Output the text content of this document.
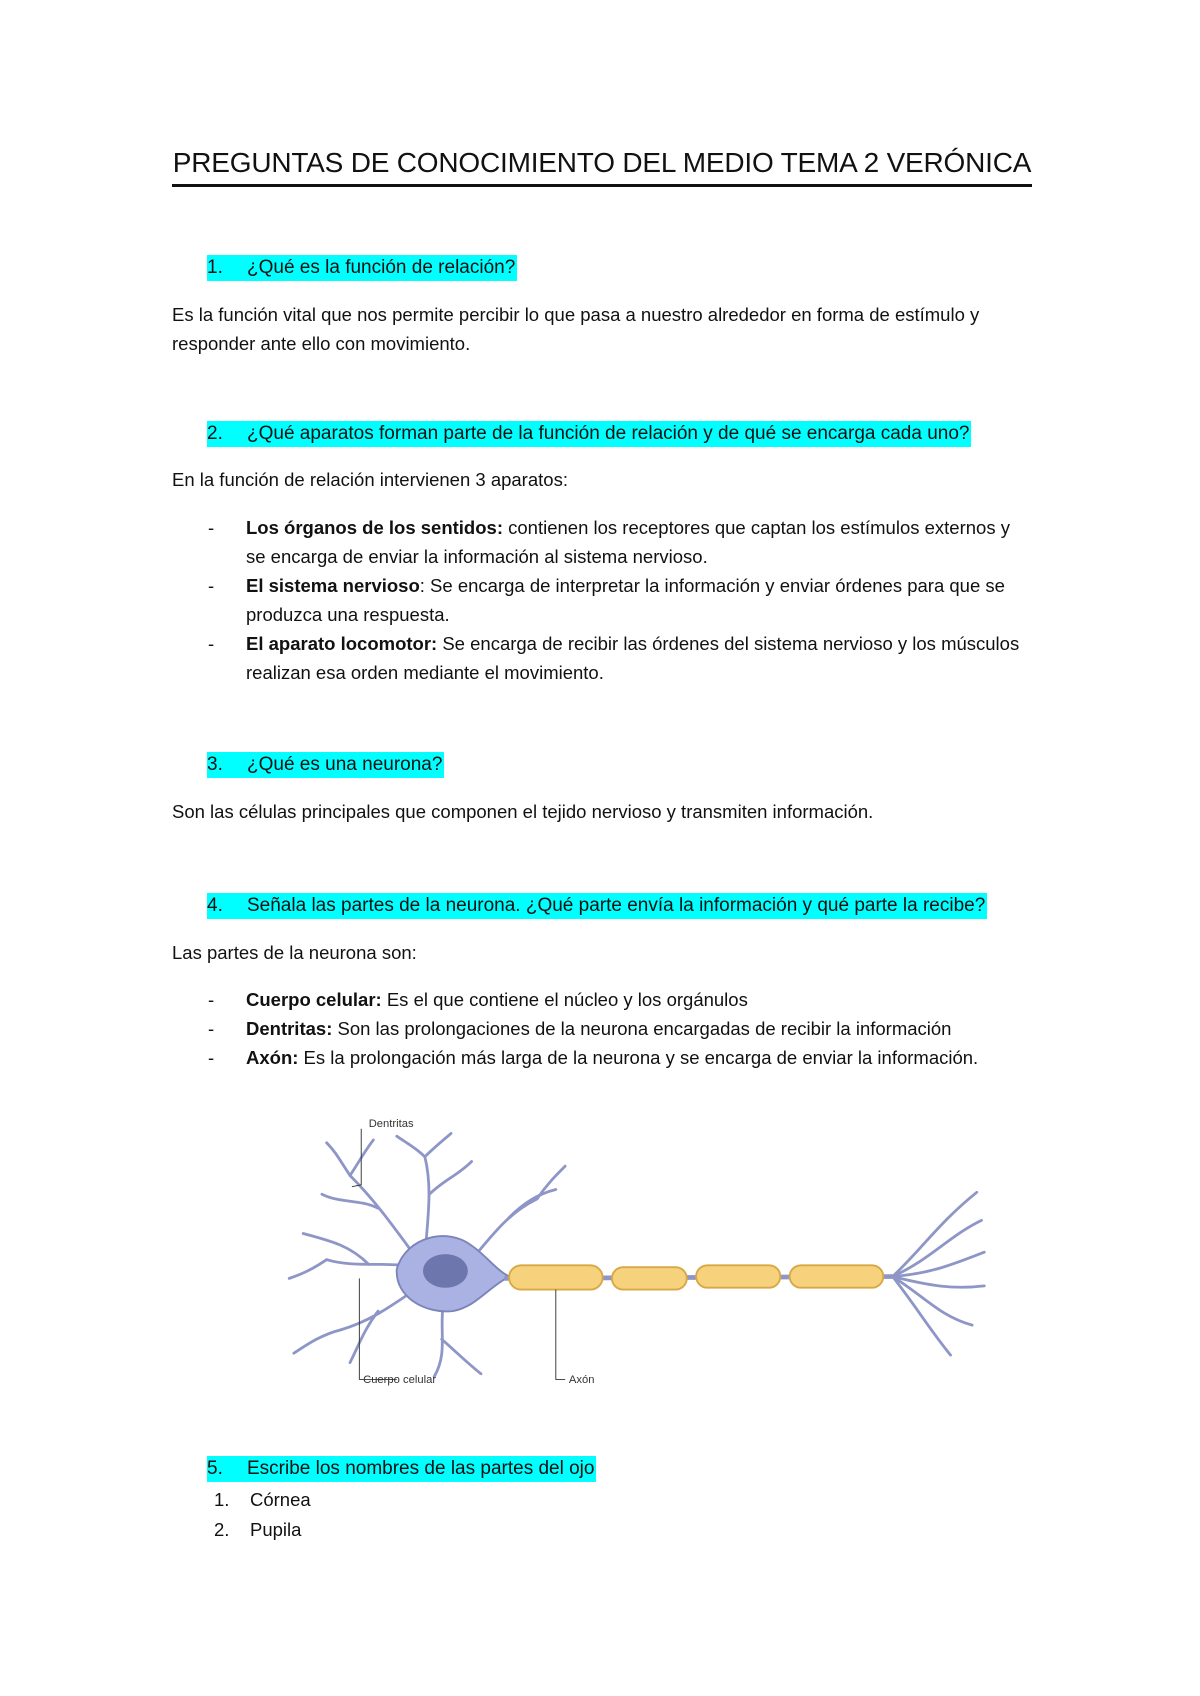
PREGUNTAS DE CONOCIMIENTO DEL MEDIO TEMA 2 VERÓNICA
1. ¿Qué es la función de relación?
Es la función vital que nos permite percibir lo que pasa a nuestro alrededor en forma de estímulo y responder ante ello con movimiento.
2. ¿Qué aparatos forman parte de la función de relación y de qué se encarga cada uno?
En la función de relación intervienen 3 aparatos:
- Los órganos de los sentidos: contienen los receptores que captan los estímulos externos y se encarga de enviar la información al sistema nervioso.
- El sistema nervioso: Se encarga de interpretar la información y enviar órdenes para que se produzca una respuesta.
- El aparato locomotor: Se encarga de recibir las órdenes del sistema nervioso y los músculos realizan esa orden mediante el movimiento.
3. ¿Qué es una neurona?
Son las células principales que componen el tejido nervioso y transmiten información.
4. Señala las partes de la neurona. ¿Qué parte envía la información y qué parte la recibe?
Las partes de la neurona son:
- Cuerpo celular: Es el que contiene el núcleo y los orgánulos
- Dentritas: Son las prolongaciones de la neurona encargadas de recibir la información
- Axón: Es la prolongación más larga de la neurona y se encarga de enviar la información.
Dentritas
Cuerpo celular	Axón
5. Escribe los nombres de las partes del ojo
1. Córnea
2. Pupila
